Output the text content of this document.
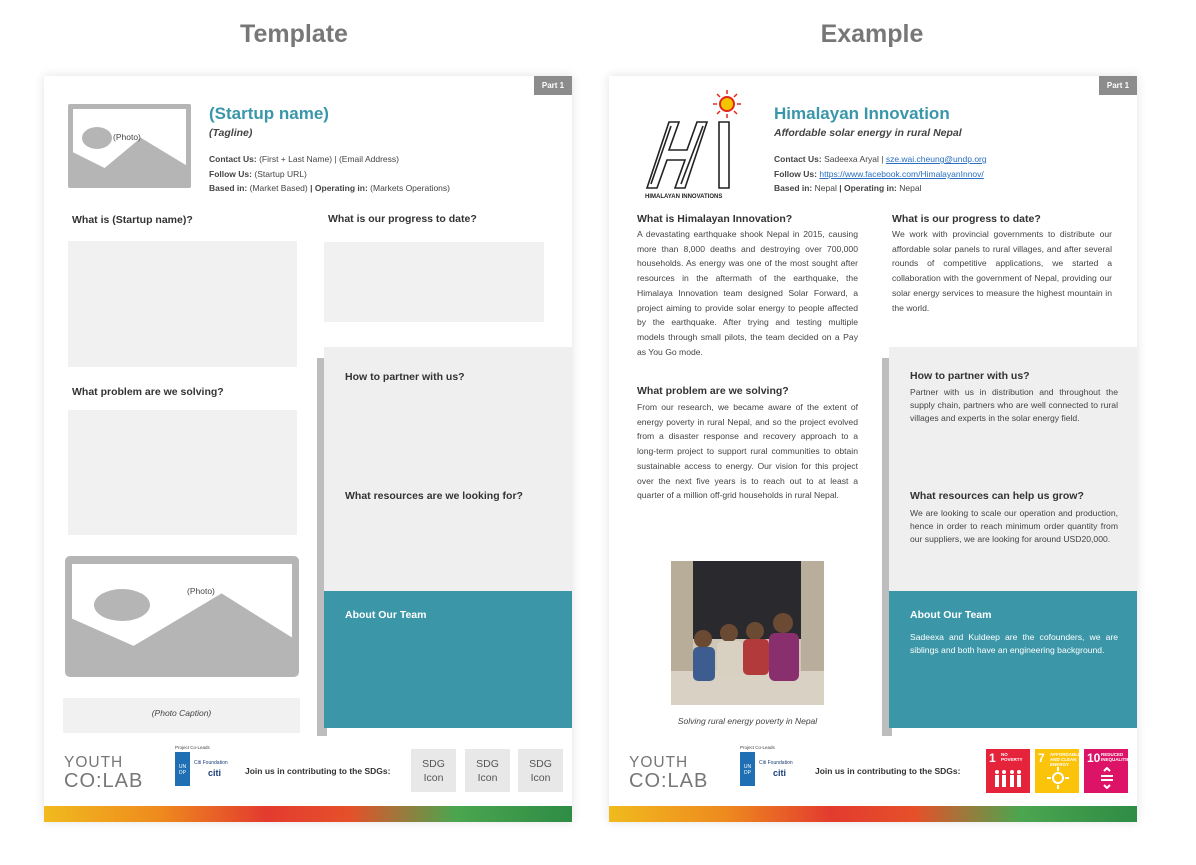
Template	Example
Part 1
(Photo)
(Startup name)
(Tagline)
Contact Us: (First + Last Name) | (Email Address)
Follow Us: (Startup URL)
Based in: (Market Based) | Operating in: (Markets Operations)
What is (Startup name)?	What is our progress to date?
What problem are we solving?
(Photo)
(Photo Caption)
How to partner with us?
What resources are we looking for?
About Our Team
YOUTH
CO:LAB
Project Co-Leads
UN DP
Citi Foundation
citi	Join us in contributing to the SDGs:
SDG
Icon
SDG
Icon
SDG
Icon
Part 1
HIMALAYAN INNOVATIONS
Himalayan Innovation
Affordable solar energy in rural Nepal
Contact Us: Sadeexa Aryal | sze.wai.cheung@undp.org
Follow Us: https://www.facebook.com/HimalayanInnov/
Based in: Nepal | Operating in: Nepal
What is Himalayan Innovation?
A devastating earthquake shook Nepal in 2015, causing more than 8,000 deaths and destroying over 700,000 households. As energy was one of the most sought after resources in the aftermath of the earthquake, the Himalaya Innovation team designed Solar Forward, a project aiming to provide solar energy to people affected by the earthquake. After trying and testing multiple models through small pilots, the team decided on a Pay as You Go mode.
What problem are we solving?
From our research, we became aware of the extent of energy poverty in rural Nepal, and so the project evolved from a disaster response and recovery approach to a long-term project to support rural communities to obtain sustainable access to energy. Our vision for this project over the next five years is to reach out to at least a quarter of a million off-grid households in rural Nepal.
What is our progress to date?
We work with provincial governments to distribute our affordable solar panels to rural villages, and after several rounds of competitive applications, we started a collaboration with the government of Nepal, providing our solar energy services to measure the highest mountain in the world.
Solving rural energy poverty in Nepal
How to partner with us?
Partner with us in distribution and throughout the supply chain, partners who are well connected to rural villages and experts in the solar energy field.
What resources can help us grow?
We are looking to scale our operation and production, hence in order to reach minimum order quantity from our suppliers, we are looking for around USD20,000.
About Our Team
Sadeexa and Kuldeep are the cofounders, we are siblings and both have an engineering background.
YOUTH
CO:LAB
Project Co-Leads
UN DP
Citi Foundation
citi	Join us in contributing to the SDGs:
1 NO POVERTY	7 AFFORDABLE AND CLEAN ENERGY	10 REDUCED INEQUALITIES
